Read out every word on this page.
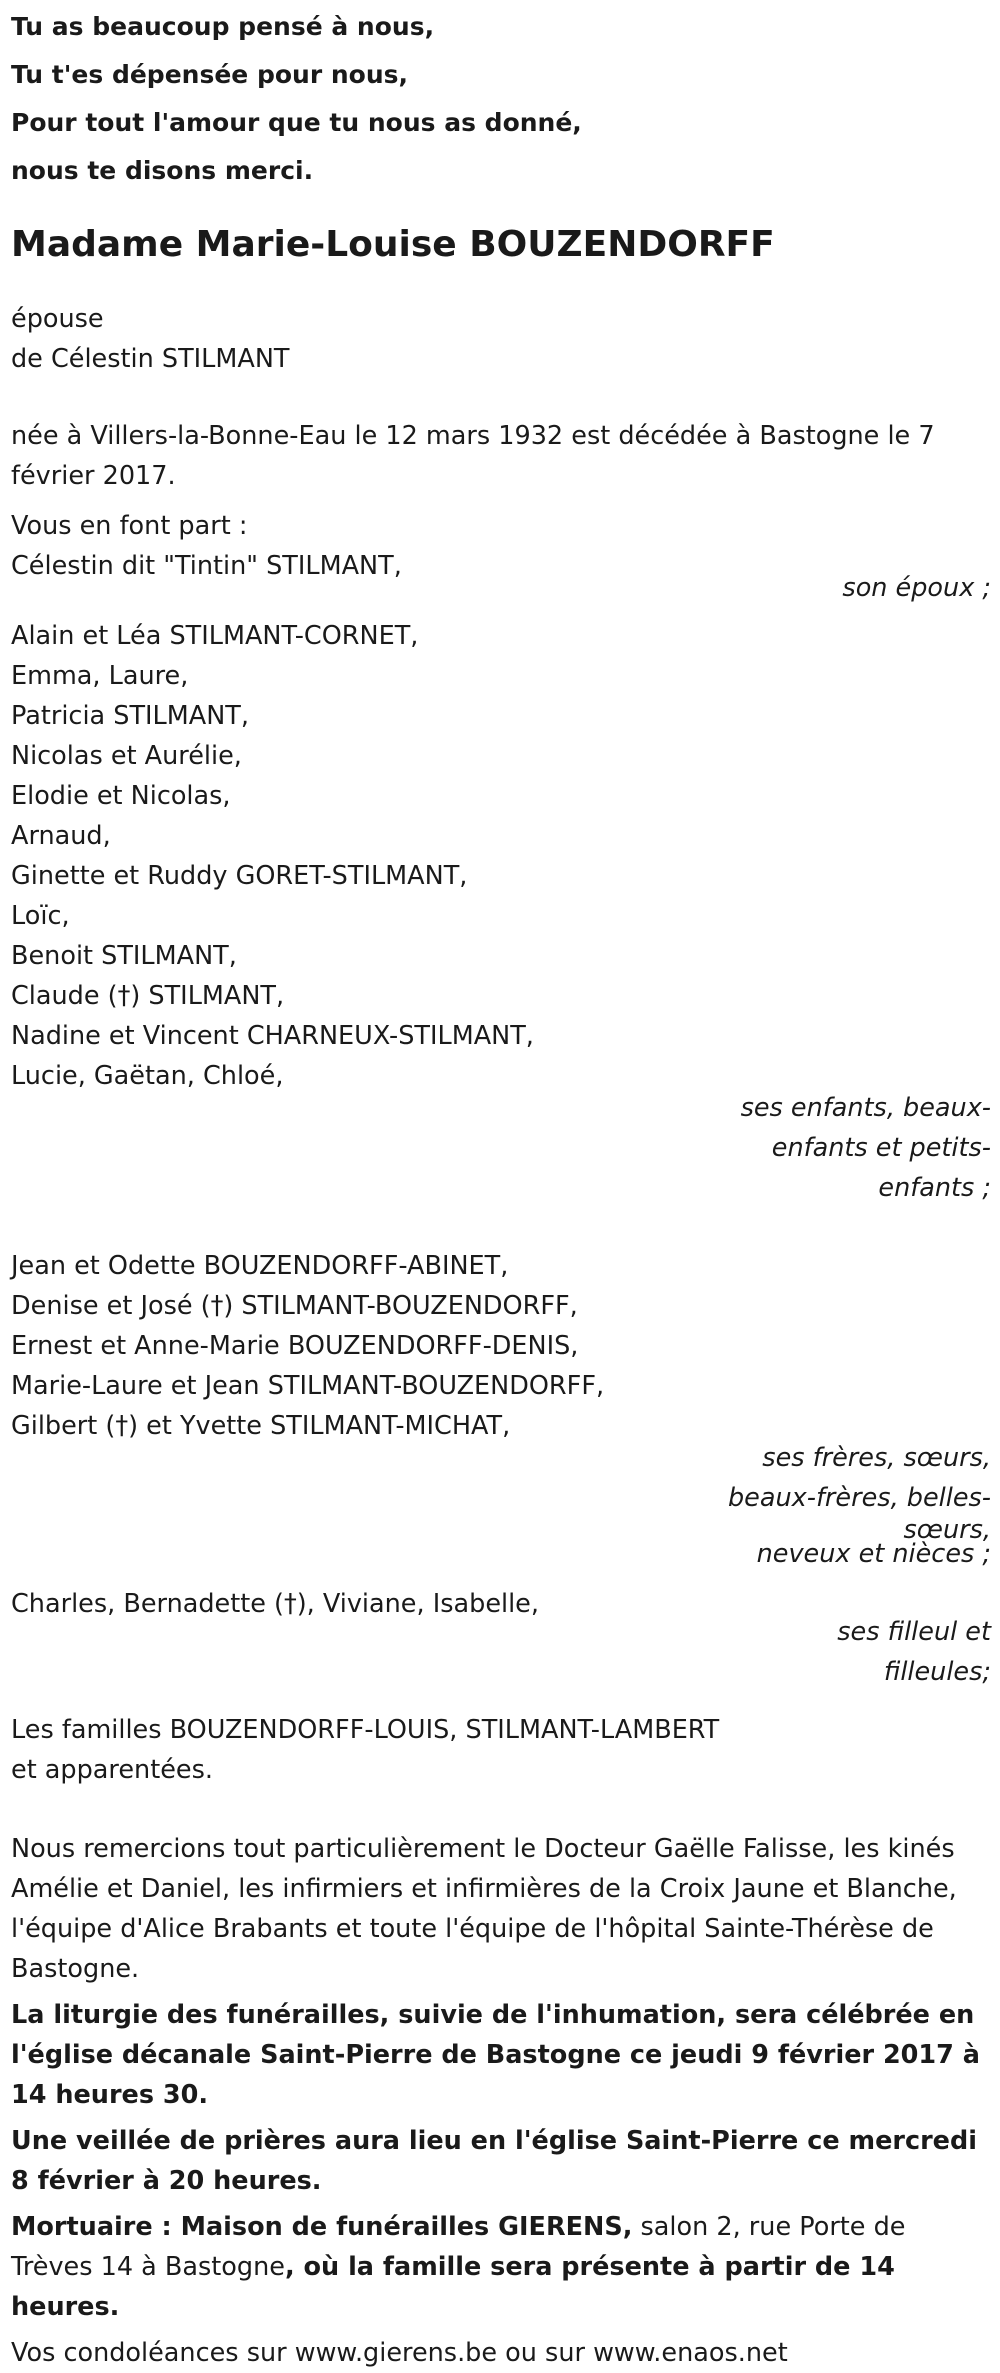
Tu as beaucoup pensé à nous,
Tu t'es dépensée pour nous,
Pour tout l'amour que tu nous as donné,
nous te disons merci.
Madame Marie-Louise BOUZENDORFF
épouse
de Célestin STILMANT
née à Villers-la-Bonne-Eau le 12 mars 1932 est décédée à Bastogne le 7 février 2017.
Vous en font part :
Célestin dit "Tintin" STILMANT,
son époux ;
Alain et Léa STILMANT-CORNET,
Emma, Laure,
Patricia STILMANT,
Nicolas et Aurélie,
Elodie et Nicolas,
Arnaud,
Ginette et Ruddy GORET-STILMANT,
Loïc,
Benoit STILMANT,
Claude (†) STILMANT,
Nadine et Vincent CHARNEUX-STILMANT,
Lucie, Gaëtan, Chloé,
ses enfants, beaux-
enfants et petits-
enfants ;
Jean et Odette BOUZENDORFF-ABINET,
Denise et José (†) STILMANT-BOUZENDORFF,
Ernest et Anne-Marie BOUZENDORFF-DENIS,
Marie-Laure et Jean STILMANT-BOUZENDORFF,
Gilbert (†) et Yvette STILMANT-MICHAT,
ses frères, sœurs,
beaux-frères, belles-
sœurs,
neveux et nièces ;
Charles, Bernadette (†), Viviane, Isabelle,
ses filleul et
filleules;
Les familles BOUZENDORFF-LOUIS, STILMANT-LAMBERT
et apparentées.
Nous remercions tout particulièrement le Docteur Gaëlle Falisse, les kinés Amélie et Daniel, les infirmiers et infirmières de la Croix Jaune et Blanche, l'équipe d'Alice Brabants et toute l'équipe de l'hôpital Sainte-Thérèse de Bastogne.
La liturgie des funérailles, suivie de l'inhumation, sera célébrée en l'église décanale Saint-Pierre de Bastogne ce jeudi 9 février 2017 à 14 heures 30.
Une veillée de prières aura lieu en l'église Saint-Pierre ce mercredi 8 février à 20 heures.
Mortuaire : Maison de funérailles GIERENS, salon 2, rue Porte de Trèves 14 à Bastogne, où la famille sera présente à partir de 14 heures.
Vos condoléances sur www.gierens.be ou sur www.enaos.net
